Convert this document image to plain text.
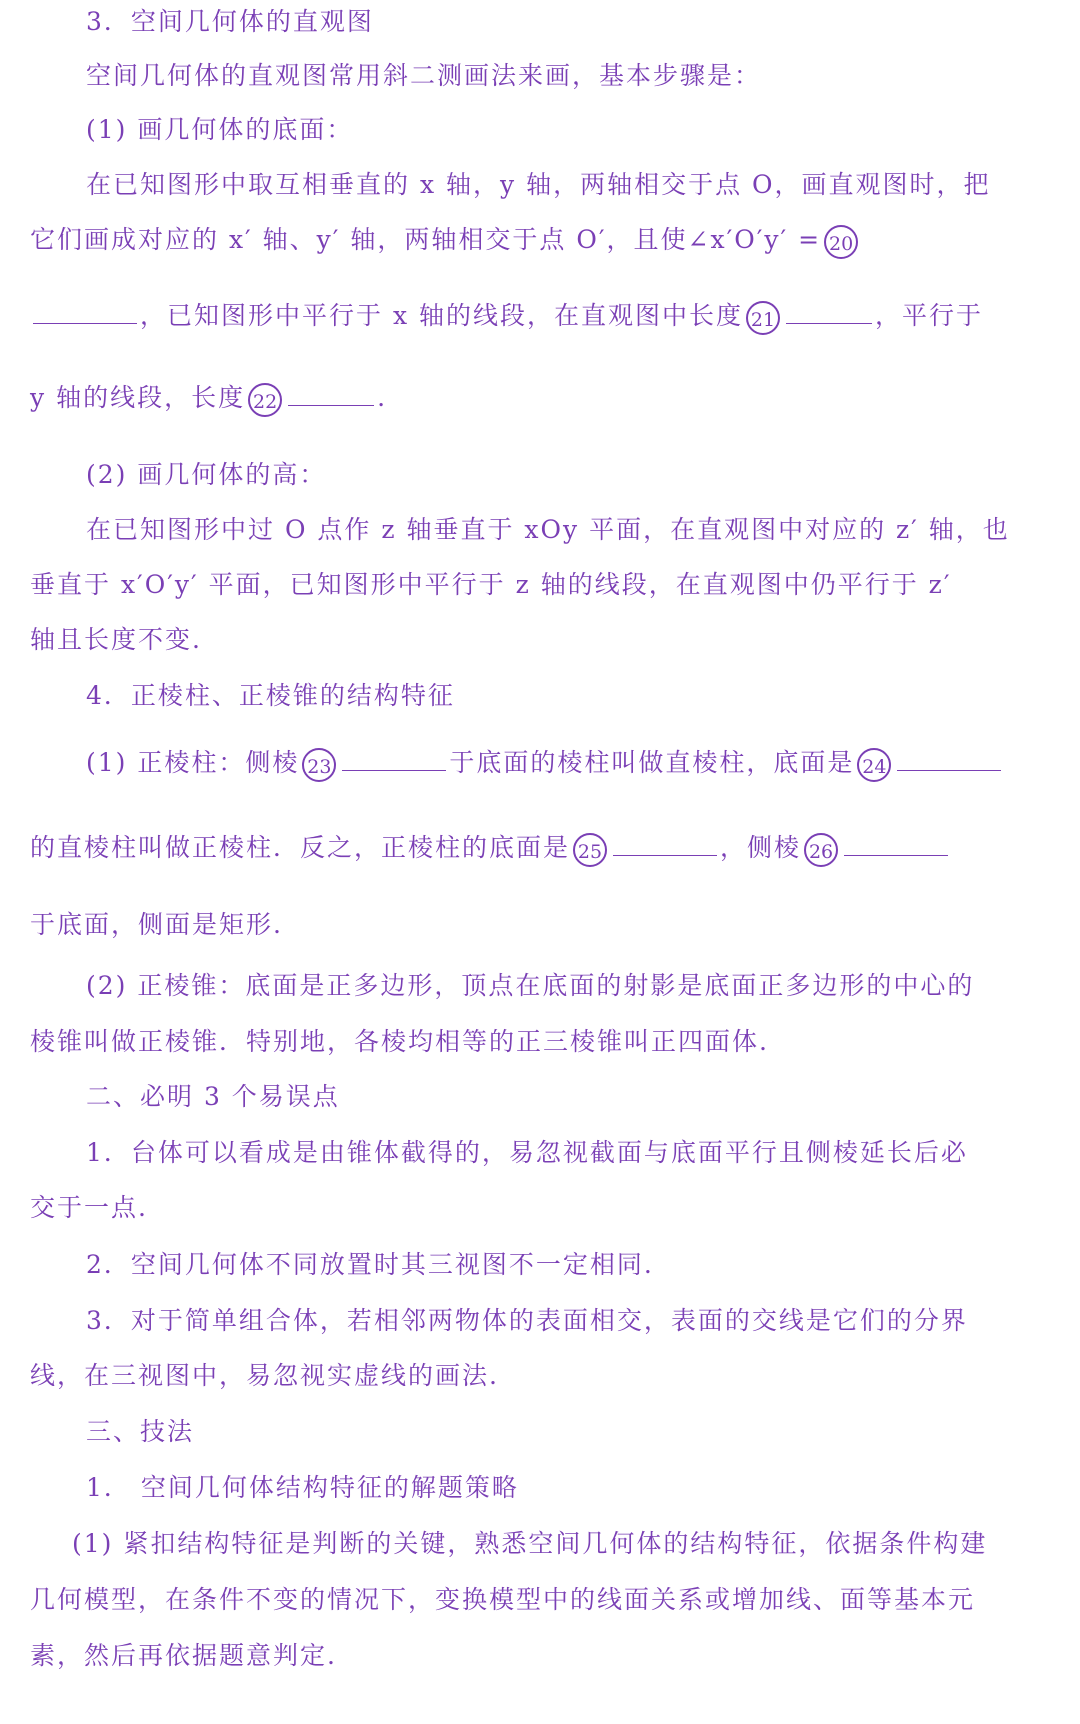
3．空间几何体的直观图
空间几何体的直观图常用斜二测画法来画，基本步骤是：
(1) 画几何体的底面：
在已知图形中取互相垂直的 x 轴，y 轴，两轴相交于点 O，画直观图时，把
它们画成对应的 x′ 轴、y′ 轴，两轴相交于点 O′，且使∠x′O′y′ = 20
，已知图形中平行于 x 轴的线段，在直观图中长度 21	，平行于
y 轴的线段，长度 22	.
(2) 画几何体的高：
在已知图形中过 O 点作 z 轴垂直于 xOy 平面，在直观图中对应的 z′ 轴，也
垂直于 x′O′y′ 平面，已知图形中平行于 z 轴的线段，在直观图中仍平行于 z′
轴且长度不变.
4．正棱柱、正棱锥的结构特征
(1) 正棱柱：侧棱 23	于底面的棱柱叫做直棱柱，底面是 24
的直棱柱叫做正棱柱．反之，正棱柱的底面是 25	，侧棱 26
于底面，侧面是矩形.
(2) 正棱锥：底面是正多边形，顶点在底面的射影是底面正多边形的中心的
棱锥叫做正棱锥．特别地，各棱均相等的正三棱锥叫正四面体.
二、必明 3 个易误点
1．台体可以看成是由锥体截得的，易忽视截面与底面平行且侧棱延长后必
交于一点.
2．空间几何体不同放置时其三视图不一定相同.
3．对于简单组合体，若相邻两物体的表面相交，表面的交线是它们的分界
线，在三视图中，易忽视实虚线的画法.
三、技法
1． 空间几何体结构特征的解题策略
(1) 紧扣结构特征是判断的关键，熟悉空间几何体的结构特征，依据条件构建
几何模型，在条件不变的情况下，变换模型中的线面关系或增加线、面等基本元
素，然后再依据题意判定.
